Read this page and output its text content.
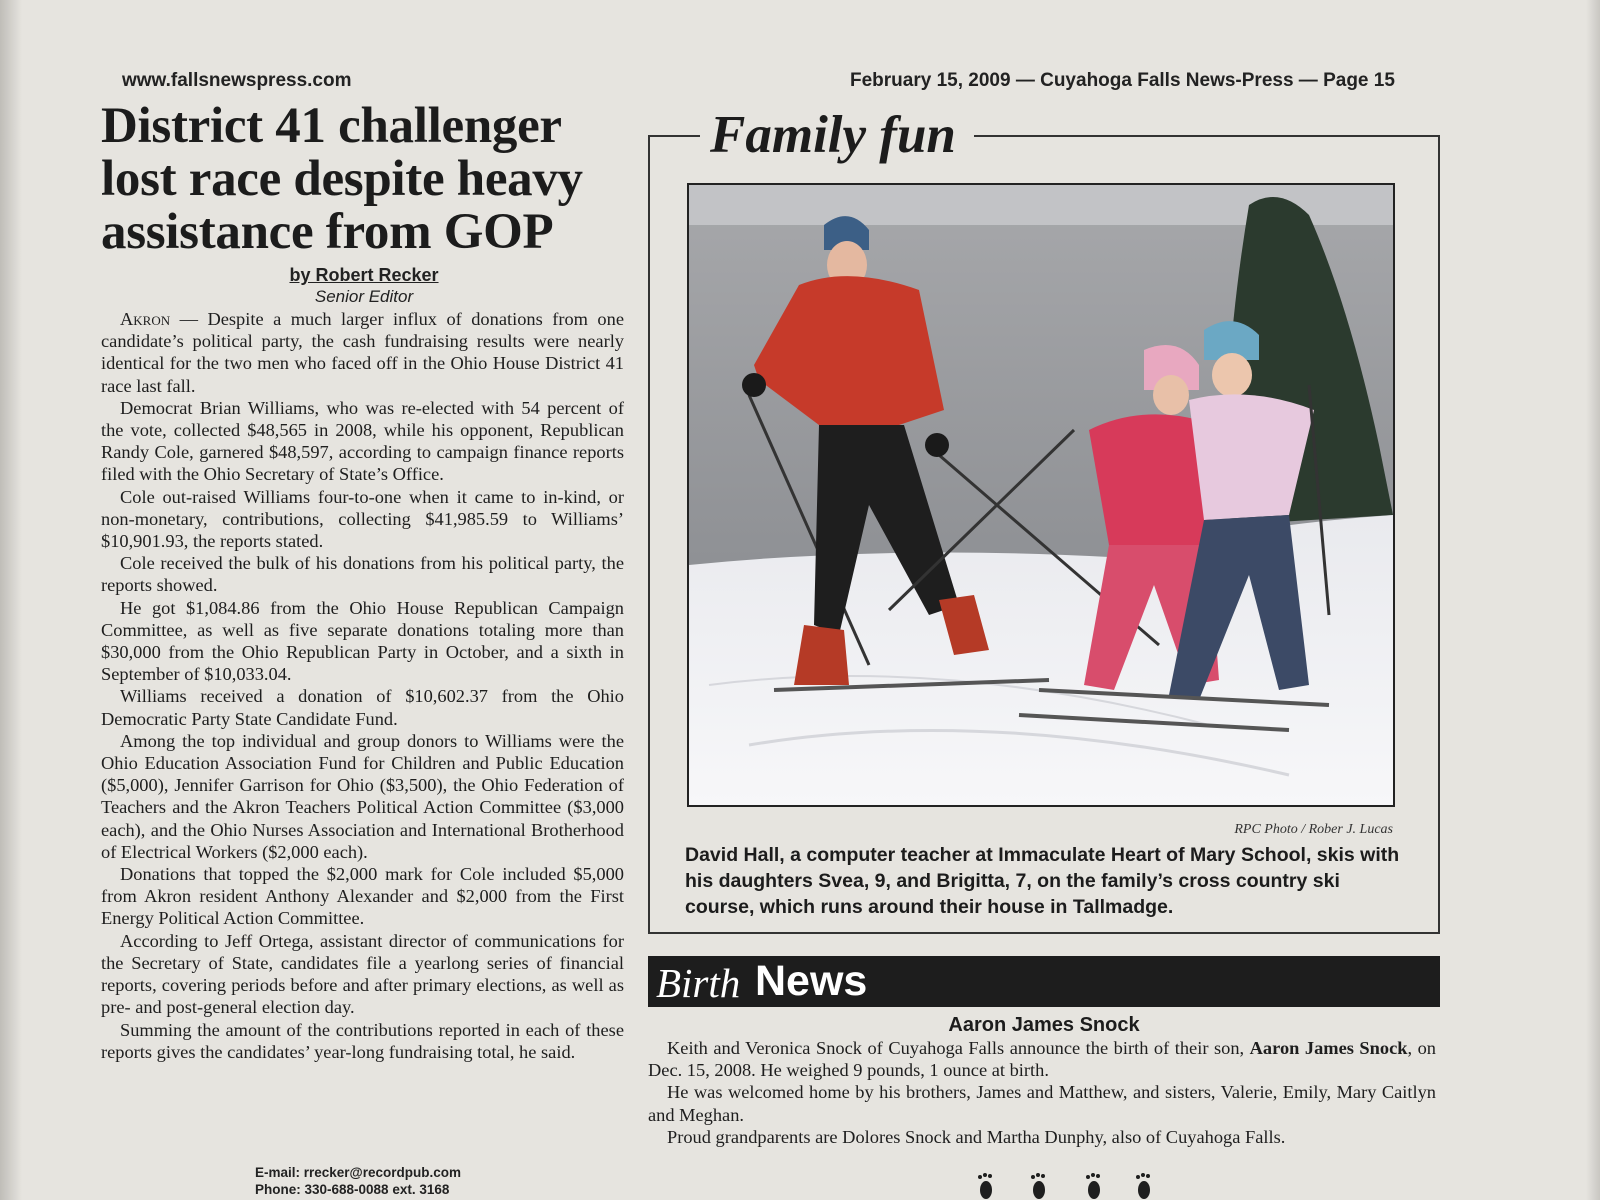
www.fallsnewspress.com	February 15, 2009 — Cuyahoga Falls News-Press — Page 15
District 41 challenger lost race despite heavy assistance from GOP
by Robert Recker
Senior Editor

Akron — Despite a much larger influx of donations from one candidate’s political party, the cash fundraising results were nearly identical for the two men who faced off in the Ohio House District 41 race last fall.

Democrat Brian Williams, who was re-elected with 54 percent of the vote, collected $48,565 in 2008, while his opponent, Republican Randy Cole, garnered $48,597, according to campaign finance reports filed with the Ohio Secretary of State’s Office.

Cole out-raised Williams four-to-one when it came to in-kind, or non-monetary, contributions, collecting $41,985.59 to Williams’ $10,901.93, the reports stated.

Cole received the bulk of his donations from his political party, the reports showed.

He got $1,084.86 from the Ohio House Republican Campaign Committee, as well as five separate donations totaling more than $30,000 from the Ohio Republican Party in October, and a sixth in September of $10,033.04.

Williams received a donation of $10,602.37 from the Ohio Democratic Party State Candidate Fund.

Among the top individual and group donors to Williams were the Ohio Education Association Fund for Children and Public Education ($5,000), Jennifer Garrison for Ohio ($3,500), the Ohio Federation of Teachers and the Akron Teachers Political Action Committee ($3,000 each), and the Ohio Nurses Association and International Brotherhood of Electrical Workers ($2,000 each).

Donations that topped the $2,000 mark for Cole included $5,000 from Akron resident Anthony Alexander and $2,000 from the First Energy Political Action Committee.

According to Jeff Ortega, assistant director of communications for the Secretary of State, candidates file a yearlong series of financial reports, covering periods before and after primary elections, as well as pre- and post-general election day.

Summing the amount of the contributions reported in each of these reports gives the candidates’ year-long fundraising total, he said.

E-mail: rrecker@recordpub.com
Phone: 330-688-0088 ext. 3168
Family fun
RPC Photo / Rober J. Lucas
David Hall, a computer teacher at Immaculate Heart of Mary School, skis with his daughters Svea, 9, and Brigitta, 7, on the family’s cross country ski course, which runs around their house in Tallmadge.
Birth News
Aaron James Snock

Keith and Veronica Snock of Cuyahoga Falls announce the birth of their son, Aaron James Snock, on Dec. 15, 2008. He weighed 9 pounds, 1 ounce at birth.

He was welcomed home by his brothers, James and Matthew, and sisters, Valerie, Emily, Mary Caitlyn and Meghan.

Proud grandparents are Dolores Snock and Martha Dunphy, also of Cuyahoga Falls.
